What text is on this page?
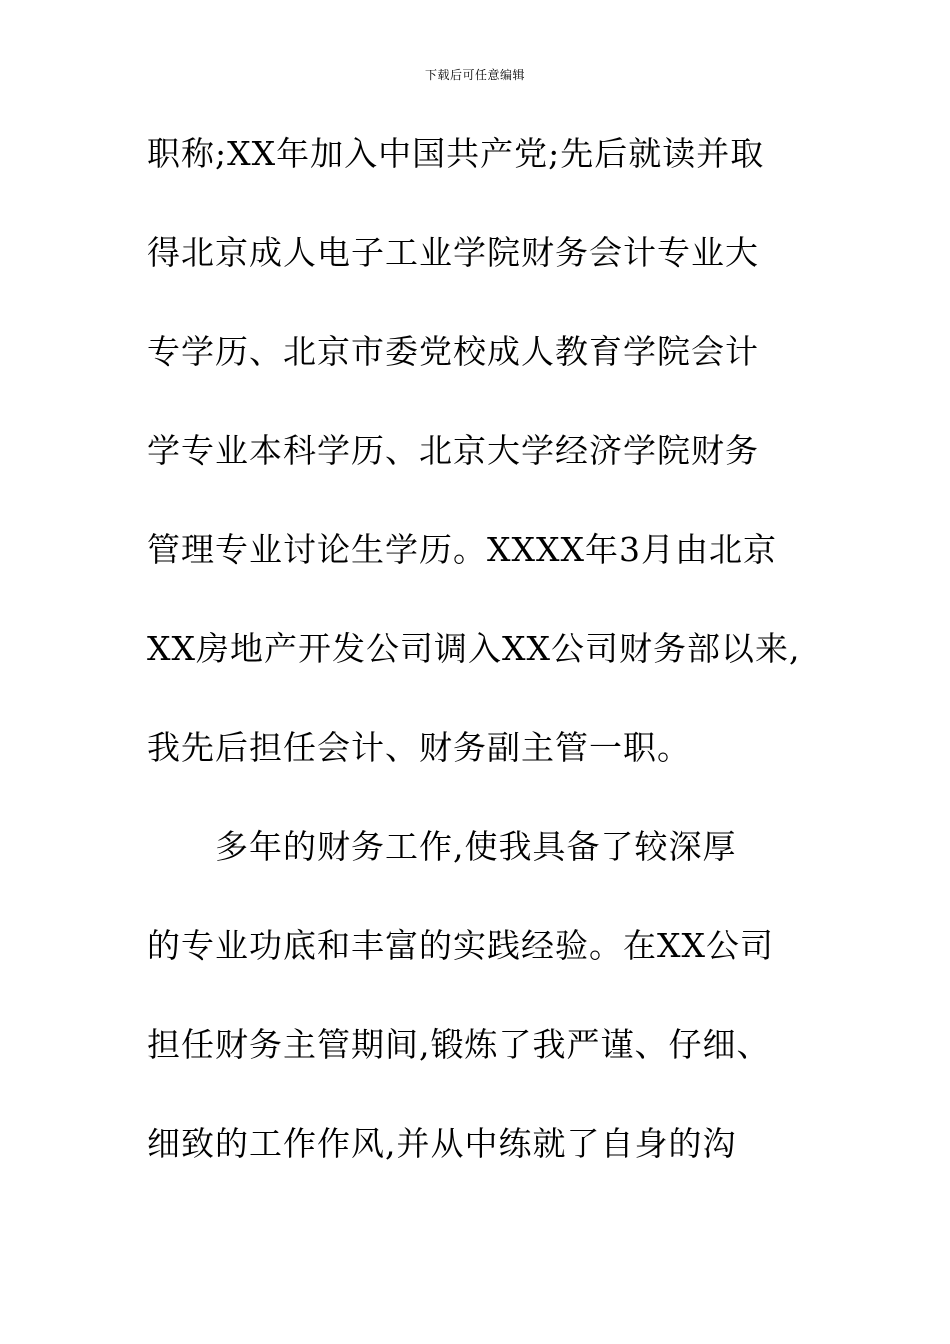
下载后可任意编辑
职称;XX年加入中国共产党;先后就读并取
得北京成人电子工业学院财务会计专业大
专学历、北京市委党校成人教育学院会计
学专业本科学历、北京大学经济学院财务
管理专业讨论生学历。XXXX年3月由北京
XX房地产开发公司调入XX公司财务部以来,
我先后担任会计、财务副主管一职。
多年的财务工作,使我具备了较深厚
的专业功底和丰富的实践经验。在XX公司
担任财务主管期间,锻炼了我严谨、仔细、
细致的工作作风,并从中练就了自身的沟
